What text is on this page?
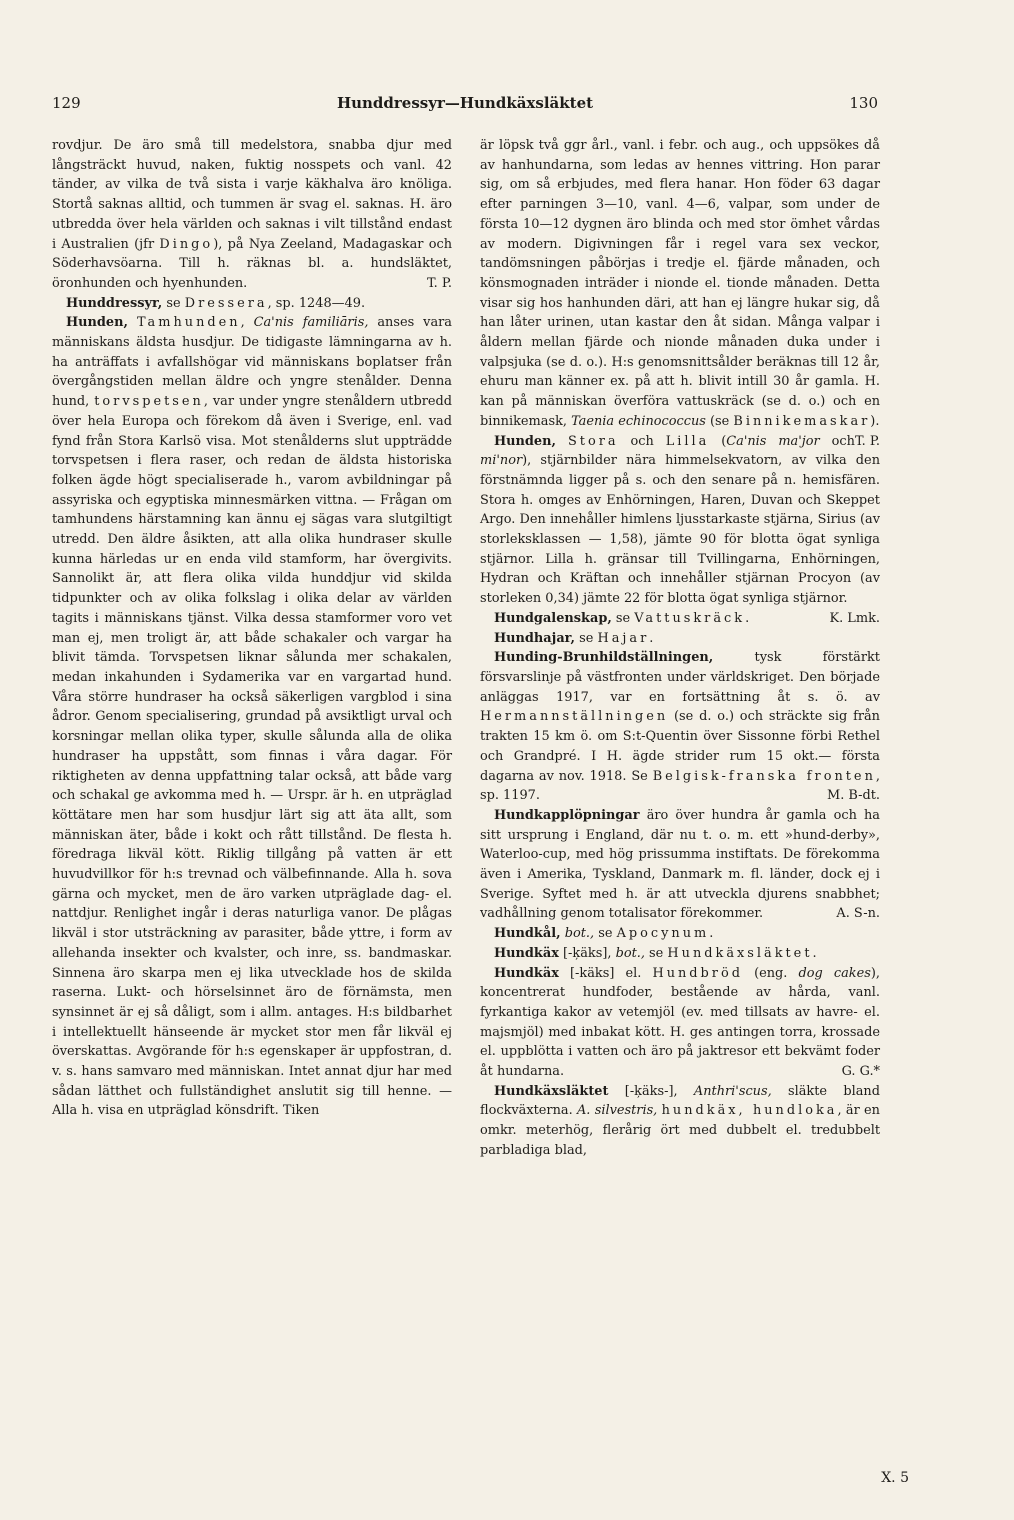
129	Hunddressyr—Hundkäxsläktet	130

rovdjur. De äro små till medelstora, snabba djur med långsträckt huvud, naken, fuktig nosspets och vanl. 42 tänder, av vilka de två sista i varje käkhalva äro knöliga. Stortå saknas alltid, och tummen är svag el. saknas. H. äro utbredda över hela världen och saknas i vilt tillstånd endast i Australien (jfr Dingo), på Nya Zeeland, Madagaskar och Söderhavsöarna. Till h. räknas bl. a. hundsläktet, öronhunden och hyenhunden.	T. P.

Hunddressyr, se Dressera, sp. 1248—49.

Hunden, Tamhunden, Ca'nis familiāris, anses vara människans äldsta husdjur. De tidigaste lämningarna av h. ha anträffats i avfallshögar vid människans boplatser från övergångstiden mellan äldre och yngre stenålder. Denna hund, torvspetsen, var under yngre stenåldern utbredd över hela Europa och förekom då även i Sverige, enl. vad fynd från Stora Karlsö visa. Mot stenålderns slut uppträdde torvspetsen i flera raser, och redan de äldsta historiska folken ägde högt specialiserade h., varom avbildningar på assyriska och egyptiska minnesmärken vittna. — Frågan om tamhundens härstamning kan ännu ej sägas vara slutgiltigt utredd. Den äldre åsikten, att alla olika hundraser skulle kunna härledas ur en enda vild stamform, har övergivits. Sannolikt är, att flera olika vilda hunddjur vid skilda tidpunkter och av olika folkslag i olika delar av världen tagits i människans tjänst. Vilka dessa stamformer voro vet man ej, men troligt är, att både schakaler och vargar ha blivit tämda. Torvspetsen liknar sålunda mer schakalen, medan inkahunden i Sydamerika var en vargartad hund. Våra större hundraser ha också säkerligen vargblod i sina ådror. Genom specialisering, grundad på avsiktligt urval och korsningar mellan olika typer, skulle sålunda alla de olika hundraser ha uppstått, som finnas i våra dagar. För riktigheten av denna uppfattning talar också, att både varg och schakal ge avkomma med h. — Urspr. är h. en utpräglad köttätare men har som husdjur lärt sig att äta allt, som människan äter, både i kokt och rått tillstånd. De flesta h. föredraga likväl kött. Riklig tillgång på vatten är ett huvudvillkor för h:s trevnad och välbefinnande. Alla h. sova gärna och mycket, men de äro varken utpräglade dag- el. nattdjur. Renlighet ingår i deras naturliga vanor. De plågas likväl i stor utsträckning av parasiter, både yttre, i form av allehanda insekter och kvalster, och inre, ss. bandmaskar. Sinnena äro skarpa men ej lika utvecklade hos de skilda raserna. Lukt- och hörselsinnet äro de förnämsta, men synsinnet är ej så dåligt, som i allm. antages. H:s bildbarhet i intellektuellt hänseende är mycket stor men får likväl ej överskattas. Avgörande för h:s egenskaper är uppfostran, d. v. s. hans samvaro med människan. Intet annat djur har med sådan lätthet och fullständighet anslutit sig till henne. — Alla h. visa en utpräglad könsdrift. Tiken

är löpsk två ggr årl., vanl. i febr. och aug., och uppsökes då av hanhundarna, som ledas av hennes vittring. Hon parar sig, om så erbjudes, med flera hanar. Hon föder 63 dagar efter parningen 3—10, vanl. 4—6, valpar, som under de första 10—12 dygnen äro blinda och med stor ömhet vårdas av modern. Digivningen får i regel vara sex veckor, tandömsningen påbörjas i tredje el. fjärde månaden, och könsmognaden inträder i nionde el. tionde månaden. Detta visar sig hos hanhunden däri, att han ej längre hukar sig, då han låter urinen, utan kastar den åt sidan. Många valpar i åldern mellan fjärde och nionde månaden duka under i valpsjuka (se d. o.). H:s genomsnittsålder beräknas till 12 år, ehuru man känner ex. på att h. blivit intill 30 år gamla. H. kan på människan överföra vattuskräck (se d. o.) och en binnikemask, Taenia echinococcus (se Binnikemaskar).
T. P.

Hunden, Stora och Lilla (Ca'nis ma'jor och mi'nor), stjärnbilder nära himmelsekvatorn, av vilka den förstnämnda ligger på s. och den senare på n. hemisfären. Stora h. omges av Enhörningen, Haren, Duvan och Skeppet Argo. Den innehåller himlens ljusstarkaste stjärna, Sirius (av storleksklassen — 1,58), jämte 90 för blotta ögat synliga stjärnor. Lilla h. gränsar till Tvillingarna, Enhörningen, Hydran och Kräftan och innehåller stjärnan Procyon (av storleken 0,34) jämte 22 för blotta ögat synliga stjärnor.
K. Lmk.

Hundgalenskap, se Vattuskräck.

Hundhajar, se Hajar.

Hunding-Brunhildställningen, tysk förstärkt försvarslinje på västfronten under världskriget. Den började anläggas 1917, var en fortsättning åt s. ö. av Hermannställningen (se d. o.) och sträckte sig från trakten 15 km ö. om S:t-Quentin över Sissonne förbi Rethel och Grandpré. I H. ägde strider rum 15 okt.— första dagarna av nov. 1918. Se Belgisk-franska fronten, sp. 1197.	M. B-dt.

Hundkapplöpningar äro över hundra år gamla och ha sitt ursprung i England, där nu t. o. m. ett »hund-derby», Waterloo-cup, med hög prissumma instiftats. De förekomma även i Amerika, Tyskland, Danmark m. fl. länder, dock ej i Sverige. Syftet med h. är att utveckla djurens snabbhet; vadhållning genom totalisator förekommer.	A. S-n.

Hundkål, bot., se Apocynum.

Hundkäx [-ķäks], bot., se Hundkäxsläktet.

Hundkäx [-käks] el. Hundbröd (eng. dog cakes), koncentrerat hundfoder, bestående av hårda, vanl. fyrkantiga kakor av vetemjöl (ev. med tillsats av havre- el. majsmjöl) med inbakat kött. H. ges antingen torra, krossade el. uppblötta i vatten och äro på jaktresor ett bekvämt foder åt hundarna.	G. G.*

Hundkäxsläktet [-ķäks-], Anthri'scus, släkte bland flockväxterna. A. silvestris, hundkäx, hundloka, är en omkr. meterhög, flerårig ört med dubbelt el. tredubbelt parbladiga blad,

X. 5
